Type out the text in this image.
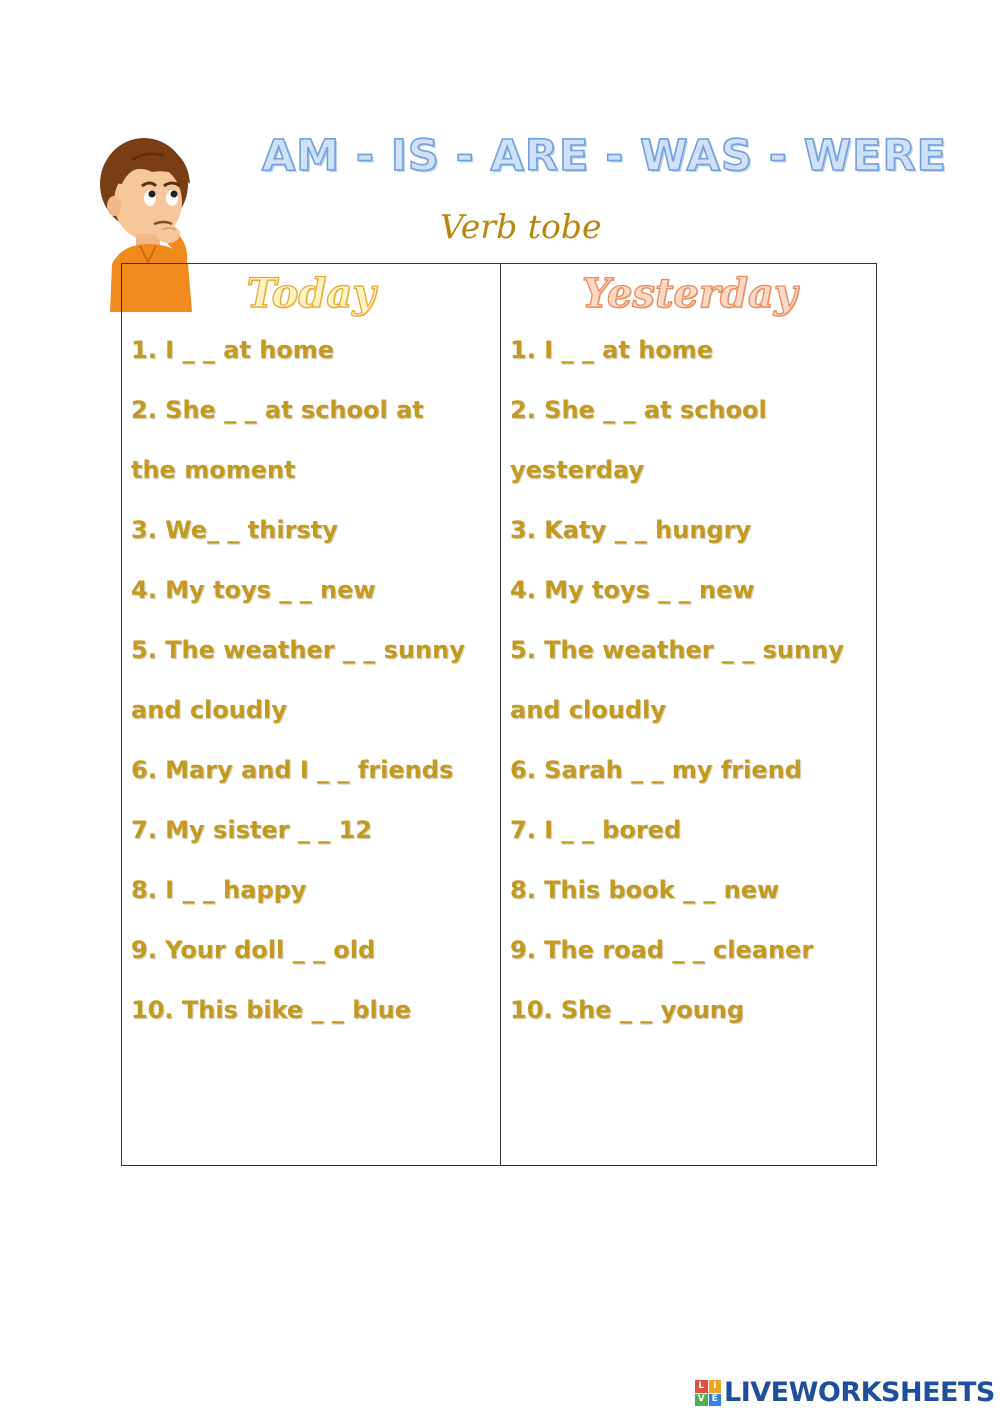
AM - IS - ARE - WAS - WERE
Verb tobe
Today
1. I _ _ at home
2. She _ _ at school at
the moment
3. We_ _ thirsty
4. My toys _ _ new
5. The weather _ _ sunny
and cloudly
6. Mary and I _ _ friends
7. My sister _ _ 12
8. I _ _ happy
9. Your doll _ _ old
10. This bike _ _ blue
Yesterday
1. I _ _ at home
2. She _ _ at school
yesterday
3. Katy _ _ hungry
4. My toys _ _ new
5. The weather _ _ sunny
and cloudly
6. Sarah _ _ my friend
7. I _ _ bored
8. This book _ _ new
9. The road _ _ cleaner
10. She _ _ young
L I
V E LIVEWORKSHEETS
